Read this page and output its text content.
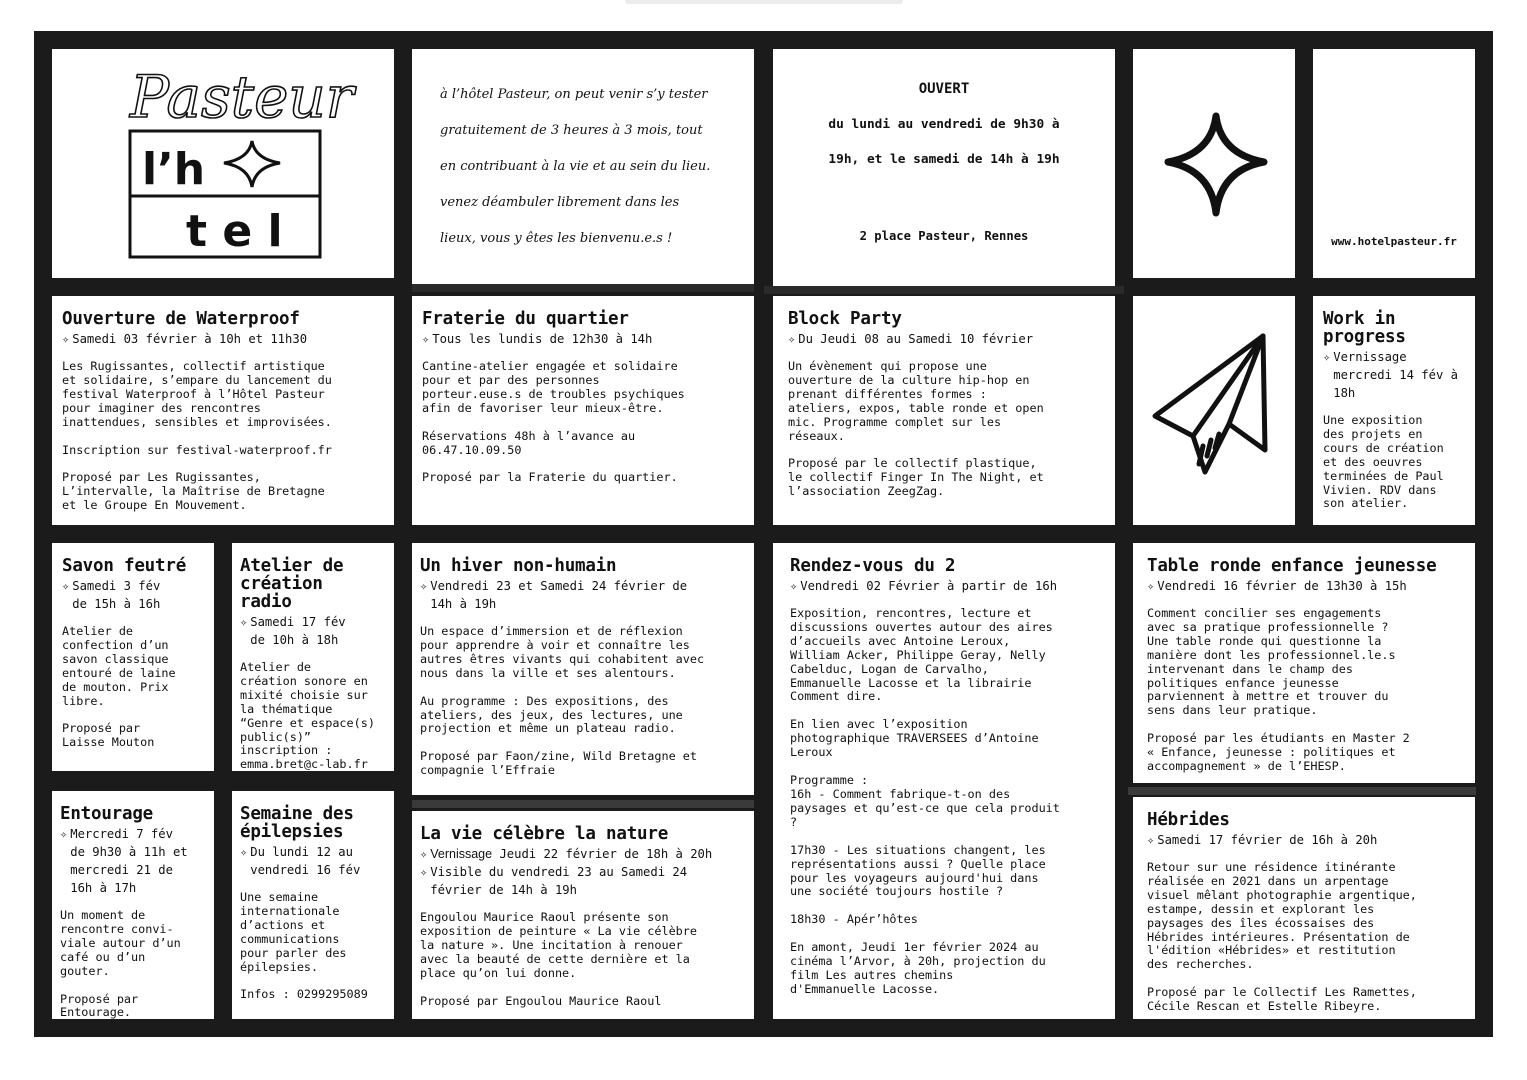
Pasteur
l’h
t e l
à l’hôtel Pasteur, on peut venir s’y tester
gratuitement de 3 heures à 3 mois, tout
en contribuant à la vie et au sein du lieu.
venez déambuler librement dans les
lieux, vous y êtes les bienvenu.e.s !
OUVERT
du lundi au vendredi de 9h30 à
19h, et le samedi de 14h à 19h
2 place Pasteur, Rennes	www.hotelpasteur.fr
Ouverture de Waterproof
✧ Samedi 03 février à 10h et 11h30

Les Rugissantes, collectif artistique
et solidaire, s’empare du lancement du
festival Waterproof à l’Hôtel Pasteur
pour imaginer des rencontres
inattendues, sensibles et improvisées.

Inscription sur festival-waterproof.fr

Proposé par Les Rugissantes,
L’intervalle, la Maîtrise de Bretagne
et le Groupe En Mouvement.

Fraterie du quartier
✧ Tous les lundis de 12h30 à 14h

Cantine-atelier engagée et solidaire
pour et par des personnes
porteur.euse.s de troubles psychiques
afin de favoriser leur mieux-être.

Réservations 48h à l’avance au
06.47.10.09.50

Proposé par la Fraterie du quartier.

Block Party
✧ Du Jeudi 08 au Samedi 10 février

Un évènement qui propose une
ouverture de la culture hip-hop en
prenant différentes formes :
ateliers, expos, table ronde et open
mic. Programme complet sur les
réseaux.

Proposé par le collectif plastique,
le collectif Finger In The Night, et
l’association ZeegZag.

Work in
progress
✧ Vernissage
mercredi 14 fév à
18h

Une exposition
des projets en
cours de création
et des oeuvres
terminées de Paul
Vivien. RDV dans
son atelier.

Savon feutré
✧ Samedi 3 fév
de 15h à 16h

Atelier de
confection d’un
savon classique
entouré de laine
de mouton. Prix
libre.

Proposé par
Laisse Mouton

Atelier de
création
radio
✧ Samedi 17 fév
de 10h à 18h

Atelier de
création sonore en
mixité choisie sur
la thématique
“Genre et espace(s)
public(s)”
inscription :
emma.bret@c-lab.fr

Un hiver non-humain
✧ Vendredi 23 et Samedi 24 février de
14h à 19h

Un espace d’immersion et de réflexion
pour apprendre à voir et connaître les
autres êtres vivants qui cohabitent avec
nous dans la ville et ses alentours.

Au programme : Des expositions, des
ateliers, des jeux, des lectures, une
projection et même un plateau radio.

Proposé par Faon/zine, Wild Bretagne et
compagnie l’Effraie

Rendez-vous du 2
✧ Vendredi 02 Février à partir de 16h

Exposition, rencontres, lecture et
discussions ouvertes autour des aires
d’accueils avec Antoine Leroux,
William Acker, Philippe Geray, Nelly
Cabelduc, Logan de Carvalho,
Emmanuelle Lacosse et la librairie
Comment dire.

En lien avec l’exposition
photographique TRAVERSEES d’Antoine
Leroux

Programme :
16h - Comment fabrique-t-on des
paysages et qu’est-ce que cela produit
?

17h30 - Les situations changent, les
représentations aussi ? Quelle place
pour les voyageurs aujourd'hui dans
une société toujours hostile ?

18h30 - Apér’hôtes

En amont, Jeudi 1er février 2024 au
cinéma l’Arvor, à 20h, projection du
film Les autres chemins
d'Emmanuelle Lacosse.

Table ronde enfance jeunesse
✧ Vendredi 16 février de 13h30 à 15h

Comment concilier ses engagements
avec sa pratique professionnelle ?
Une table ronde qui questionne la
manière dont les professionnel.le.s
intervenant dans le champ des
politiques enfance jeunesse
parviennent à mettre et trouver du
sens dans leur pratique.

Proposé par les étudiants en Master 2
« Enfance, jeunesse : politiques et
accompagnement » de l’EHESP.

Entourage
✧ Mercredi 7 fév
de 9h30 à 11h et
mercredi 21 de
16h à 17h

Un moment de
rencontre convi-
viale autour d’un
café ou d’un
gouter.

Proposé par
Entourage.

Semaine des
épilepsies
✧ Du lundi 12 au
vendredi 16 fév

Une semaine
internationale
d’actions et
communications
pour parler des
épilepsies.

Infos : 0299295089

La vie célèbre la nature
✧ Vernissage Jeudi 22 février de 18h à 20h
✧ Visible du vendredi 23 au Samedi 24
février de 14h à 19h

Engoulou Maurice Raoul présente son
exposition de peinture « La vie célèbre
la nature ». Une incitation à renouer
avec la beauté de cette dernière et la
place qu’on lui donne.

Proposé par Engoulou Maurice Raoul

Hébrides
✧ Samedi 17 février de 16h à 20h

Retour sur une résidence itinérante
réalisée en 2021 dans un arpentage
visuel mêlant photographie argentique,
estampe, dessin et explorant les
paysages des îles écossaises des
Hébrides intérieures. Présentation de
l'édition «Hébrides» et restitution
des recherches.

Proposé par le Collectif Les Ramettes,
Cécile Rescan et Estelle Ribeyre.
